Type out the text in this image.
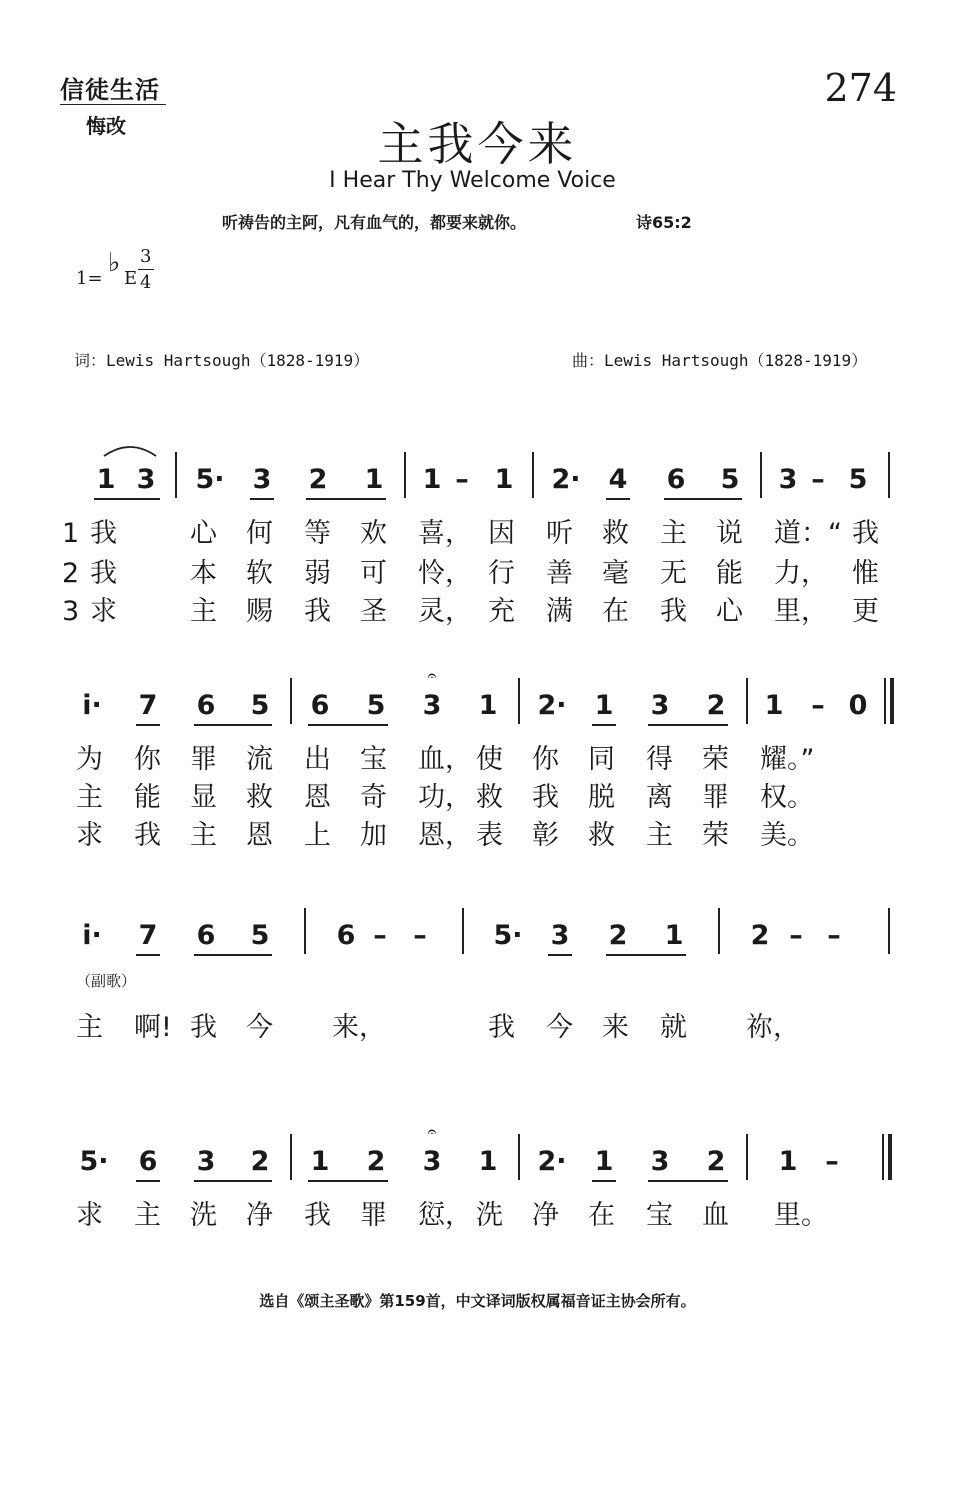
信徒生活
悔改
274
主我今来
I Hear Thy Welcome Voice
听祷告的主阿，凡有血气的，都要来就你。	诗65:2
1=
♭
E
3
4
词：Lewis Hartsough（1828-1919）	曲：Lewis Hartsough（1828-1919）
1 3 5· 3 2 1 1 – 1 2· 4 6 5 3 – 5
1
2
3
我	心 何 等 欢 喜， 因 听 救 主 说 道：“ 我
我	本 软 弱 可 怜， 行 善 毫 无 能 力， 惟
求	主 赐 我 圣 灵， 充 满 在 我 心 里， 更
𝄐
i· 7 6 5 6 5 3 1 2· 1 3 2 1 – 0
为 你 罪 流 出 宝 血， 使 你 同 得 荣 耀。”
主 能 显 救 恩 奇 功， 救 我 脱 离 罪 权。
求 我 主 恩 上 加 恩， 表 彰 救 主 荣 美。
i· 7 6 5 6 – – 5· 3 2 1 2 – –
（副歌）
主 啊! 我 今 来，	我 今 来 就 祢，
𝄐
5· 6 3 2 1 2 3 1 2· 1 3 2 1 –
求 主 洗 净 我 罪 愆， 洗 净 在 宝 血 里。
选自《颂主圣歌》第159首，中文译词版权属福音证主协会所有。
